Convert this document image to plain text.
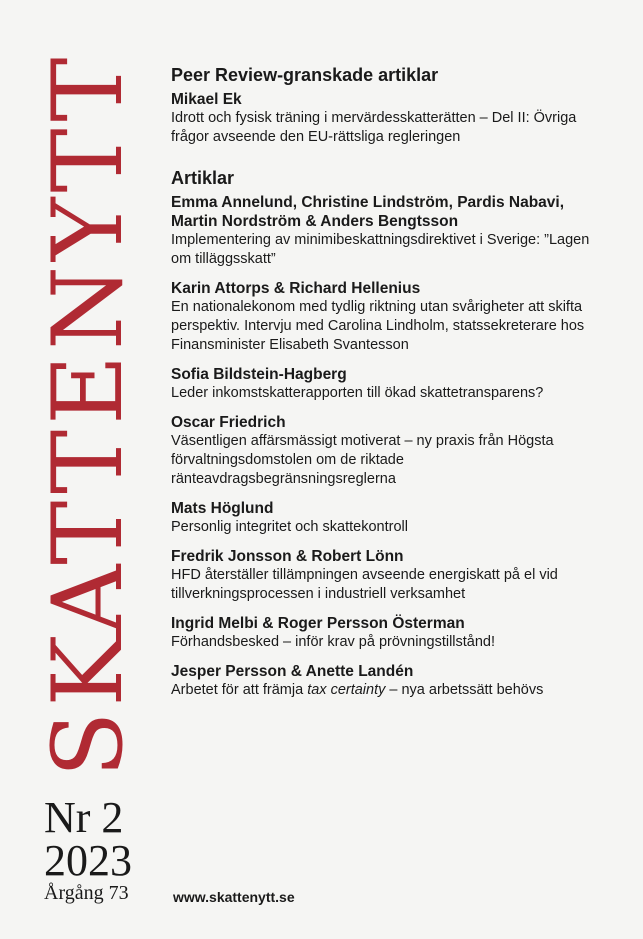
SKATTENYTT
Nr 2
2023
Årgång 73
Peer Review-granskade artiklar

Mikael Ek

Idrott och fysisk träning i mervärdesskatterätten – Del II: Övriga frågor avseende den EU-rättsliga regleringen

Artiklar

Emma Annelund, Christine Lindström, Pardis Nabavi, Martin Nordström & Anders Bengtsson

Implementering av minimibeskattningsdirektivet i Sverige: ”Lagen om tilläggsskatt”

Karin Attorps & Richard Hellenius

En nationalekonom med tydlig riktning utan svårigheter att skifta perspektiv. Intervju med Carolina Lindholm, statssekreterare hos Finansminister Elisabeth Svantesson

Sofia Bildstein-Hagberg

Leder inkomstskatterapporten till ökad skattetransparens?

Oscar Friedrich

Väsentligen affärsmässigt motiverat – ny praxis från Högsta förvaltningsdomstolen om de riktade ränteavdragsbegränsningsreglerna

Mats Höglund

Personlig integritet och skattekontroll

Fredrik Jonsson & Robert Lönn

HFD återställer tillämpningen avseende energiskatt på el vid tillverkningsprocessen i industriell verksamhet

Ingrid Melbi & Roger Persson Österman

Förhandsbesked – inför krav på prövningstillstånd!

Jesper Persson & Anette Landén

Arbetet för att främja tax certainty – nya arbetssätt behövs

www.skattenytt.se
